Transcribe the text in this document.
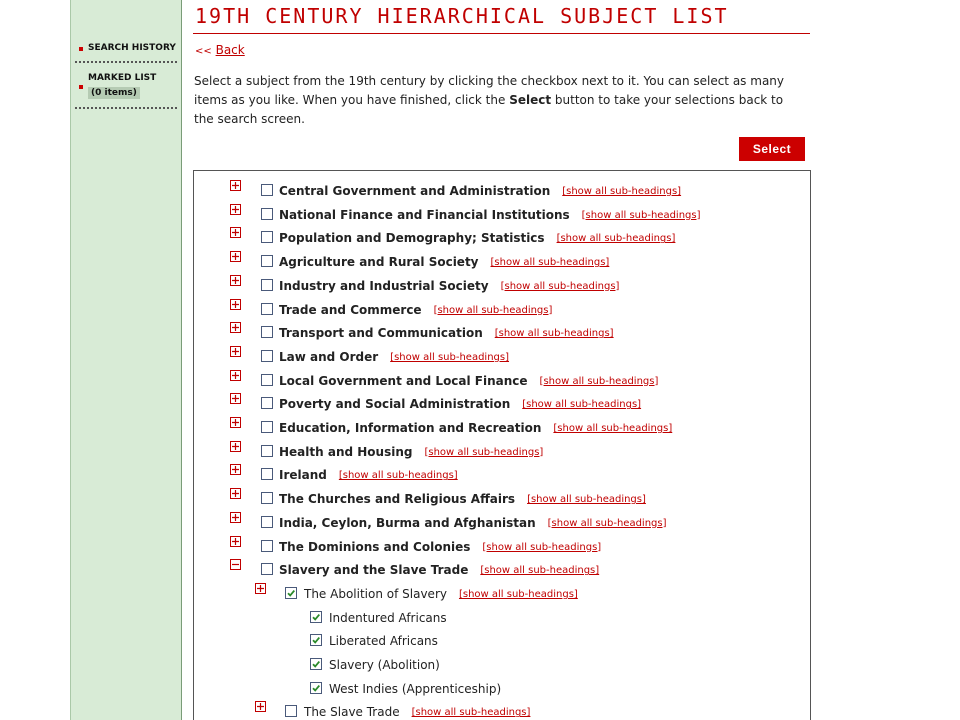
SEARCH HISTORY
MARKED LIST
(0 items)
19TH CENTURY HIERARCHICAL SUBJECT LIST
<< Back
Select a subject from the 19th century by clicking the checkbox next to it. You can select as many items as you like. When you have finished, click the Select button to take your selections back to the search screen.
Select
Central Government and Administration [show all sub-headings]
National Finance and Financial Institutions [show all sub-headings]
Population and Demography; Statistics [show all sub-headings]
Agriculture and Rural Society [show all sub-headings]
Industry and Industrial Society [show all sub-headings]
Trade and Commerce [show all sub-headings]
Transport and Communication [show all sub-headings]
Law and Order [show all sub-headings]
Local Government and Local Finance [show all sub-headings]
Poverty and Social Administration [show all sub-headings]
Education, Information and Recreation [show all sub-headings]
Health and Housing [show all sub-headings]
Ireland [show all sub-headings]
The Churches and Religious Affairs [show all sub-headings]
India, Ceylon, Burma and Afghanistan [show all sub-headings]
The Dominions and Colonies [show all sub-headings]
Slavery and the Slave Trade [show all sub-headings]
The Abolition of Slavery [show all sub-headings]
Indentured Africans
Liberated Africans
Slavery (Abolition)
West Indies (Apprenticeship)
The Slave Trade [show all sub-headings]
